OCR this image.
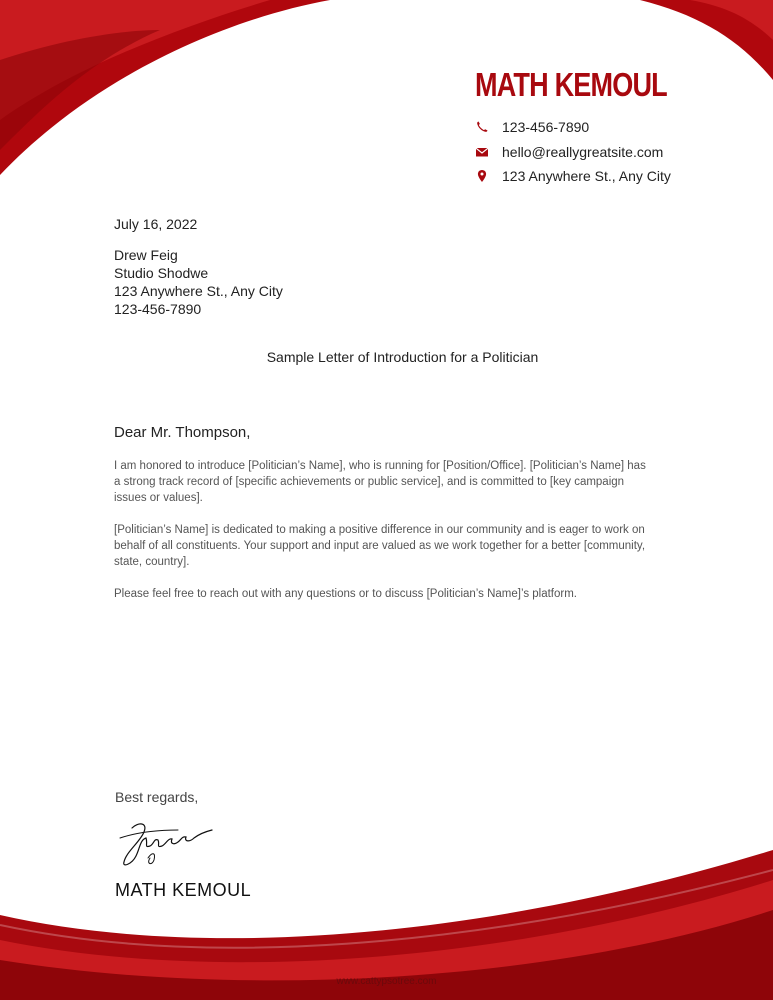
MATH KEMOUL
123-456-7890
hello@reallygreatsite.com
123 Anywhere St., Any City
July 16, 2022
Drew Feig
Studio Shodwe
123 Anywhere St., Any City
123-456-7890
Sample Letter of Introduction for a Politician
Dear Mr. Thompson,
I am honored to introduce [Politician’s Name], who is running for [Position/Office]. [Politician’s Name] has a strong track record of [specific achievements or public service], and is committed to [key campaign issues or values].
[Politician’s Name] is dedicated to making a positive difference in our community and is eager to work on behalf of all constituents. Your support and input are valued as we work together for a better [community, state, country].
Please feel free to reach out with any questions or to discuss [Politician’s Name]’s platform.
Best regards,
MATH KEMOUL
www.cattypsotree.com
